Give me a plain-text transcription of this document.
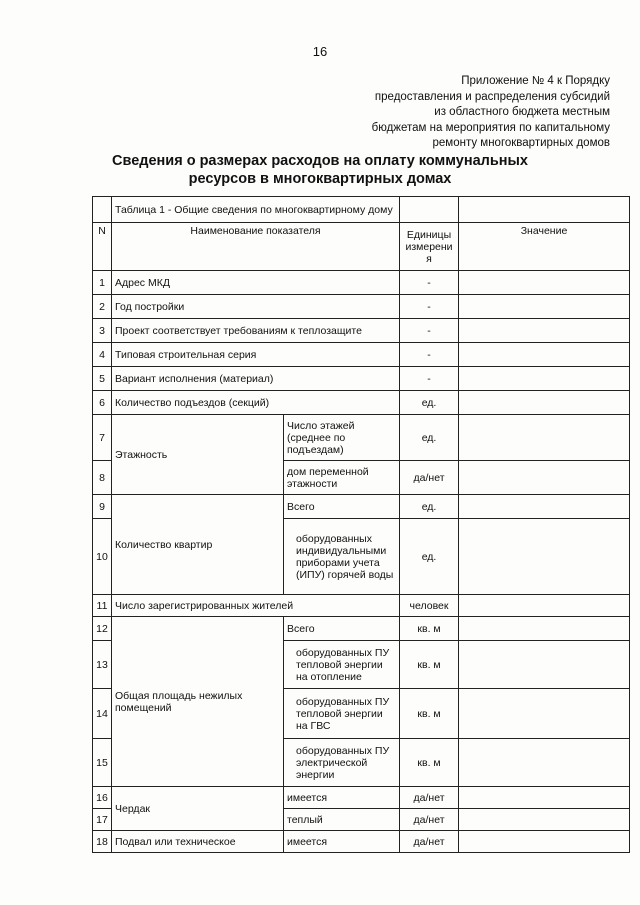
16
Приложение № 4 к Порядку
предоставления и распределения субсидий
из областного бюджета местным
бюджетам на мероприятия по капитальному
ремонту многоквартирных домов
Сведения о размерах расходов на оплату коммунальных
ресурсов в многоквартирных домах
	Таблица 1 - Общие сведения по многоквартирному дому			
N	Наименование показателя		Единицы измерени я	Значение
1	Адрес МКД		-	
2	Год постройки		-	
3	Проект соответствует требованиям к теплозащите		-	
4	Типовая строительная серия		-	
5	Вариант исполнения (материал)		-	
6	Количество подъездов (секций)		ед.	
7	Этажность	Число этажей (среднее по подъездам)	ед.	
8		дом переменной этажности	да/нет	
9	Количество квартир	Всего	ед.	
10		оборудованных индивидуальными приборами учета (ИПУ) горячей воды	ед.	
11	Число зарегистрированных жителей		человек	
12	Общая площадь нежилых помещений	Всего	кв. м	
13		оборудованных ПУ тепловой энергии на отопление	кв. м	
14		оборудованных ПУ тепловой энергии на ГВС	кв. м	
15		оборудованных ПУ электрической энергии	кв. м	
16	Чердак	имеется	да/нет	
17		теплый	да/нет	
18	Подвал или техническое	имеется	да/нет	
